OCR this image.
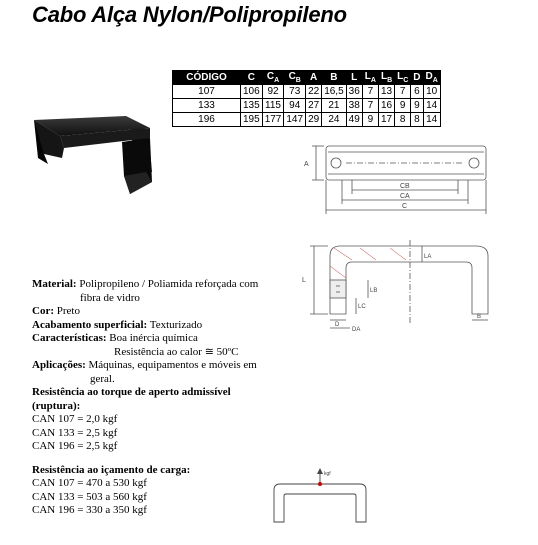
Cabo Alça Nylon/Polipropileno
CÓDIGO	C	$C_A$	$C_B$	A	B	L	$L_A$	$L_B$	$L_C$	D	$D_A$
107	106	92	73	22	16,5	36	7	13	7	6	10
133	135	115	94	27	21	38	7	16	9	9	14
196	195	177	147	29	24	49	9	17	8	8	14
A
CB
CA
C
L
LA
LB
LC
D
DA
B
Material: Polipropileno / Poliamida reforçada com
fibra de vidro
Cor: Preto
Acabamento superficial: Texturizado
Características: Boa inércia química
Resistência ao calor ≅ 50ºC
Aplicações: Máquinas, equipamentos e móveis em
geral.
Resistência ao torque de aperto admissível
(ruptura):
CAN 107 = 2,0 kgf
CAN 133 = 2,5 kgf
CAN 196 = 2,5 kgf
Resistência ao içamento de carga:
CAN 107 = 470 a 530 kgf
CAN 133 = 503 a 560 kgf
CAN 196 = 330 a 350 kgf
kgf
